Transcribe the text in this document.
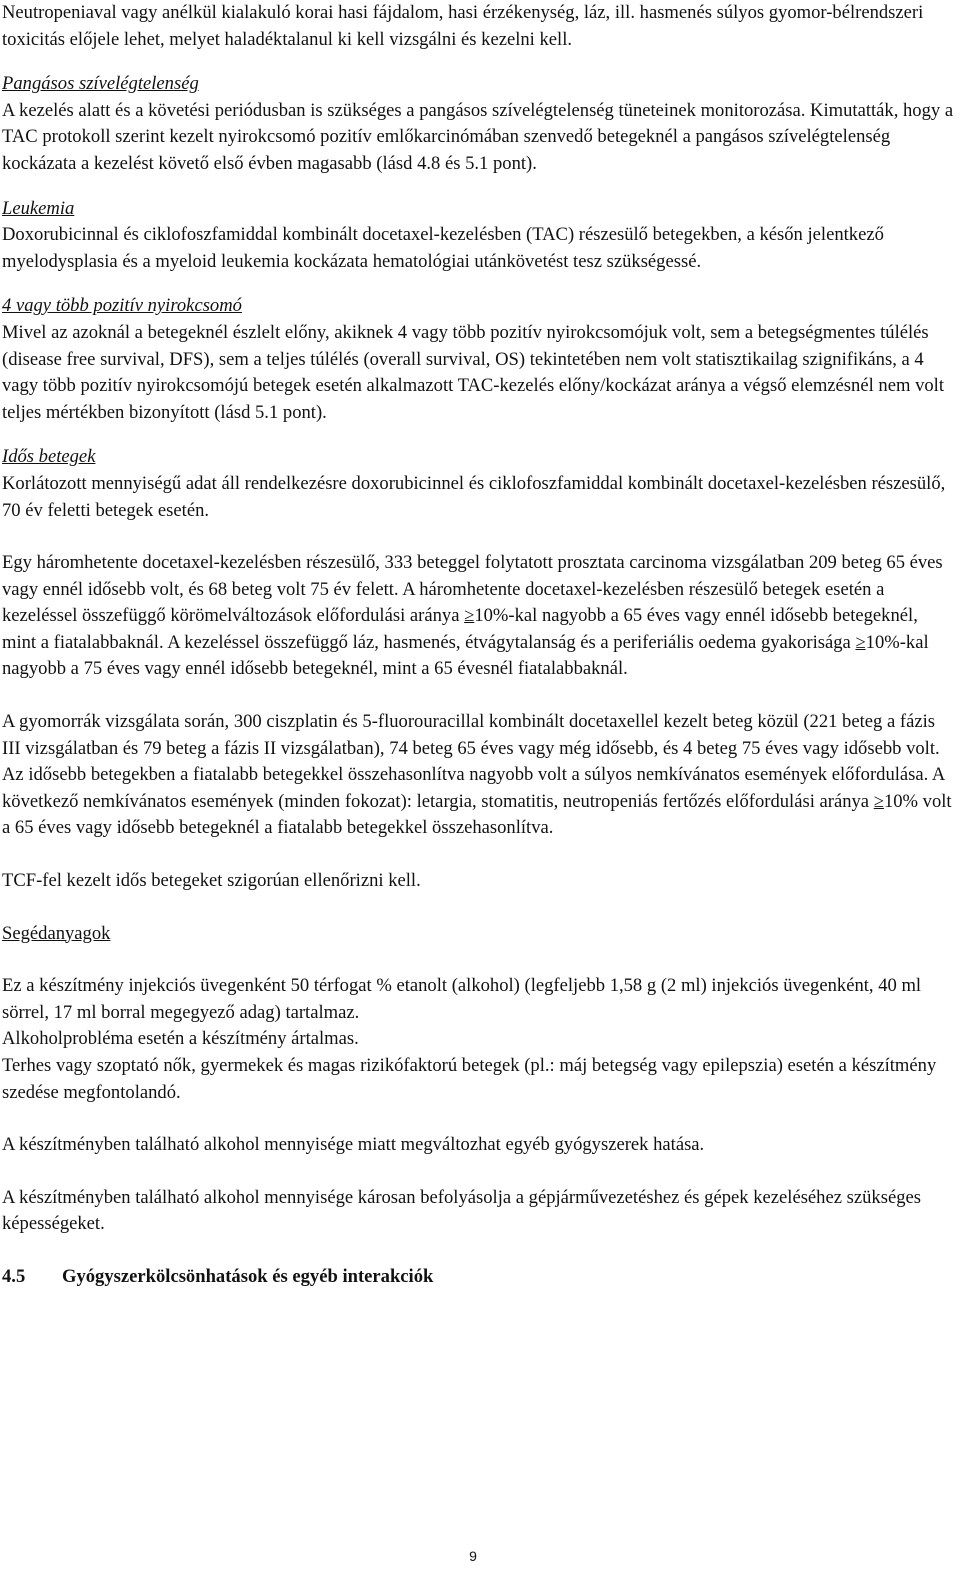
Neutropeniaval vagy anélkül kialakuló korai hasi fájdalom, hasi érzékenység, láz, ill. hasmenés súlyos gyomor-bélrendszeri toxicitás előjele lehet, melyet haladéktalanul ki kell vizsgálni és kezelni kell.

Pangásos szívelégtelenség

A kezelés alatt és a követési periódusban is szükséges a pangásos szívelégtelenség tüneteinek monitorozása. Kimutatták, hogy a TAC protokoll szerint kezelt nyirokcsomó pozitív emlőkarcinómában szenvedő betegeknél a pangásos szívelégtelenség kockázata a kezelést követő első évben magasabb (lásd 4.8 és 5.1 pont).

Leukemia

Doxorubicinnal és ciklofoszfamiddal kombinált docetaxel-kezelésben (TAC) részesülő betegekben, a későn jelentkező myelodysplasia és a myeloid leukemia kockázata hematológiai utánkövetést tesz szükségessé.

4 vagy több pozitív nyirokcsomó

Mivel az azoknál a betegeknél észlelt előny, akiknek 4 vagy több pozitív nyirokcsomójuk volt, sem a betegségmentes túlélés (disease free survival, DFS), sem a teljes túlélés (overall survival, OS) tekintetében nem volt statisztikailag szignifikáns, a 4 vagy több pozitív nyirokcsomójú betegek esetén alkalmazott TAC-kezelés előny/kockázat aránya a végső elemzésnél nem volt teljes mértékben bizonyított (lásd 5.1 pont).

Idős betegek

Korlátozott mennyiségű adat áll rendelkezésre doxorubicinnel és ciklofoszfamiddal kombinált docetaxel-kezelésben részesülő, 70 év feletti betegek esetén.

Egy háromhetente docetaxel-kezelésben részesülő, 333 beteggel folytatott prosztata carcinoma vizsgálatban 209 beteg 65 éves vagy ennél idősebb volt, és 68 beteg volt 75 év felett. A háromhetente docetaxel-kezelésben részesülő betegek esetén a kezeléssel összefüggő körömelváltozások előfordulási aránya ≥10%-kal nagyobb a 65 éves vagy ennél idősebb betegeknél, mint a fiatalabbaknál. A kezeléssel összefüggő láz, hasmenés, étvágytalanság és a periferiális oedema gyakorisága ≥10%-kal nagyobb a 75 éves vagy ennél idősebb betegeknél, mint a 65 évesnél fiatalabbaknál.

A gyomorrák vizsgálata során, 300 ciszplatin és 5-fluorouracillal kombinált docetaxellel kezelt beteg közül (221 beteg a fázis III vizsgálatban és 79 beteg a fázis II vizsgálatban), 74 beteg 65 éves vagy még idősebb, és 4 beteg 75 éves vagy idősebb volt. Az idősebb betegekben a fiatalabb betegekkel összehasonlítva nagyobb volt a súlyos nemkívánatos események előfordulása. A következő nemkívánatos események (minden fokozat): letargia, stomatitis, neutropeniás fertőzés előfordulási aránya ≥10% volt a 65 éves vagy idősebb betegeknél a fiatalabb betegekkel összehasonlítva.

TCF-fel kezelt idős betegeket szigorúan ellenőrizni kell.

Segédanyagok

Ez a készítmény injekciós üvegenként 50 térfogat % etanolt (alkohol) (legfeljebb 1,58 g (2 ml) injekciós üvegenként, 40 ml sörrel, 17 ml borral megegyező adag) tartalmaz.

Alkoholprobléma esetén a készítmény ártalmas.

Terhes vagy szoptató nők, gyermekek és magas rizikófaktorú betegek (pl.: máj betegség vagy epilepszia) esetén a készítmény szedése megfontolandó.

A készítményben található alkohol mennyisége miatt megváltozhat egyéb gyógyszerek hatása.

A készítményben található alkohol mennyisége károsan befolyásolja a gépjárművezetéshez és gépek kezeléséhez szükséges képességeket.

4.5	Gyógyszerkölcsönhatások és egyéb interakciók
9
